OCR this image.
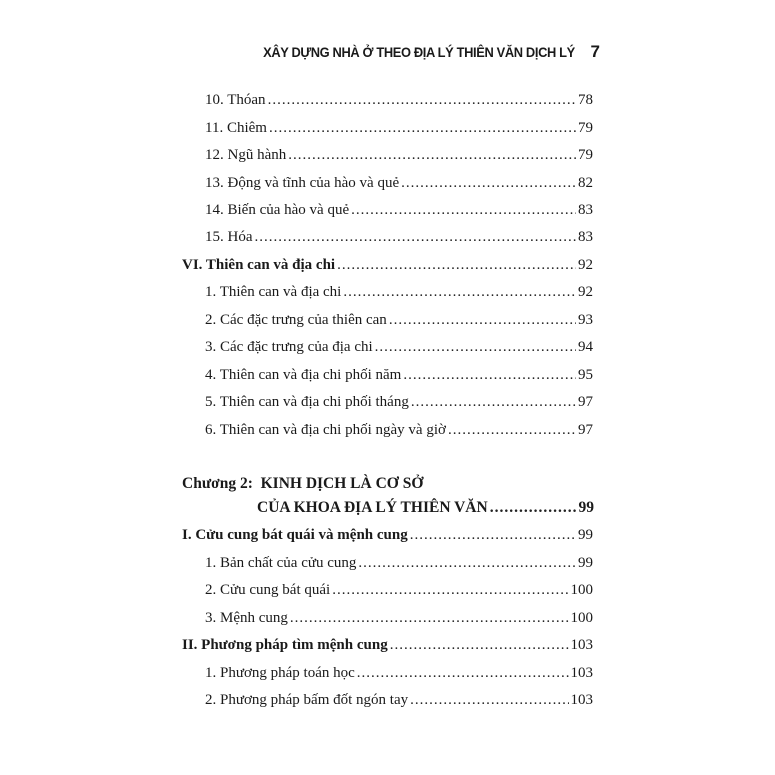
XÂY DỰNG NHÀ Ở THEO ĐỊA LÝ THIÊN VĂN DỊCH LÝ 7
10. Thóan .....	78
11. Chiêm .....	79
12. Ngũ hành .....	79
13. Động và tĩnh của hào và quẻ .....	82
14. Biến của hào và quẻ .....	83
15. Hóa .....	83
VI. Thiên can và địa chi .....	92
1. Thiên can và địa chi .....	92
2. Các đặc trưng của thiên can .....	93
3. Các đặc trưng của địa chi .....	94
4. Thiên can và địa chi phối năm .....	95
5. Thiên can và địa chi phối tháng .....	97
6. Thiên can và địa chi phối ngày và giờ .....	97
Chương 2: KINH DỊCH LÀ CƠ SỞ
CỦA KHOA ĐỊA LÝ THIÊN VĂN .....	99
I. Cửu cung bát quái và mệnh cung .....	99
1. Bản chất của cửu cung .....	99
2. Cửu cung bát quái .....	100
3. Mệnh cung .....	100
II. Phương pháp tìm mệnh cung .....	103
1. Phương pháp toán học .....	103
2. Phương pháp bấm đốt ngón tay .....	103
